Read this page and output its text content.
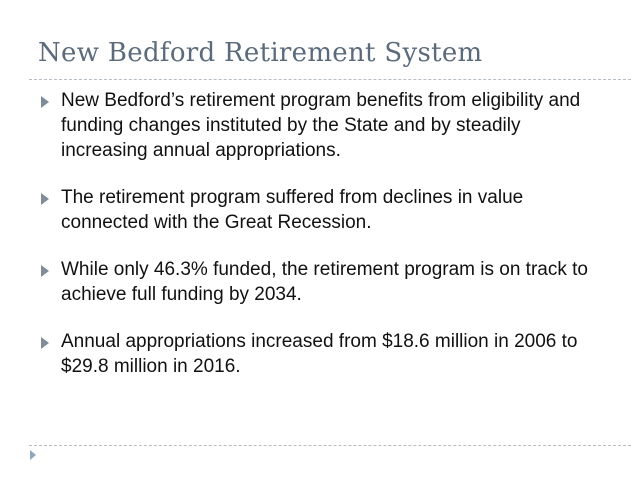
New Bedford Retirement System
New Bedford’s retirement program benefits from eligibility and funding changes instituted by the State and by steadily increasing annual appropriations.
The retirement program suffered from declines in value connected with the Great Recession.
While only 46.3% funded, the retirement program is on track to achieve full funding by 2034.
Annual appropriations increased from $18.6 million in 2006 to $29.8 million in 2016.
